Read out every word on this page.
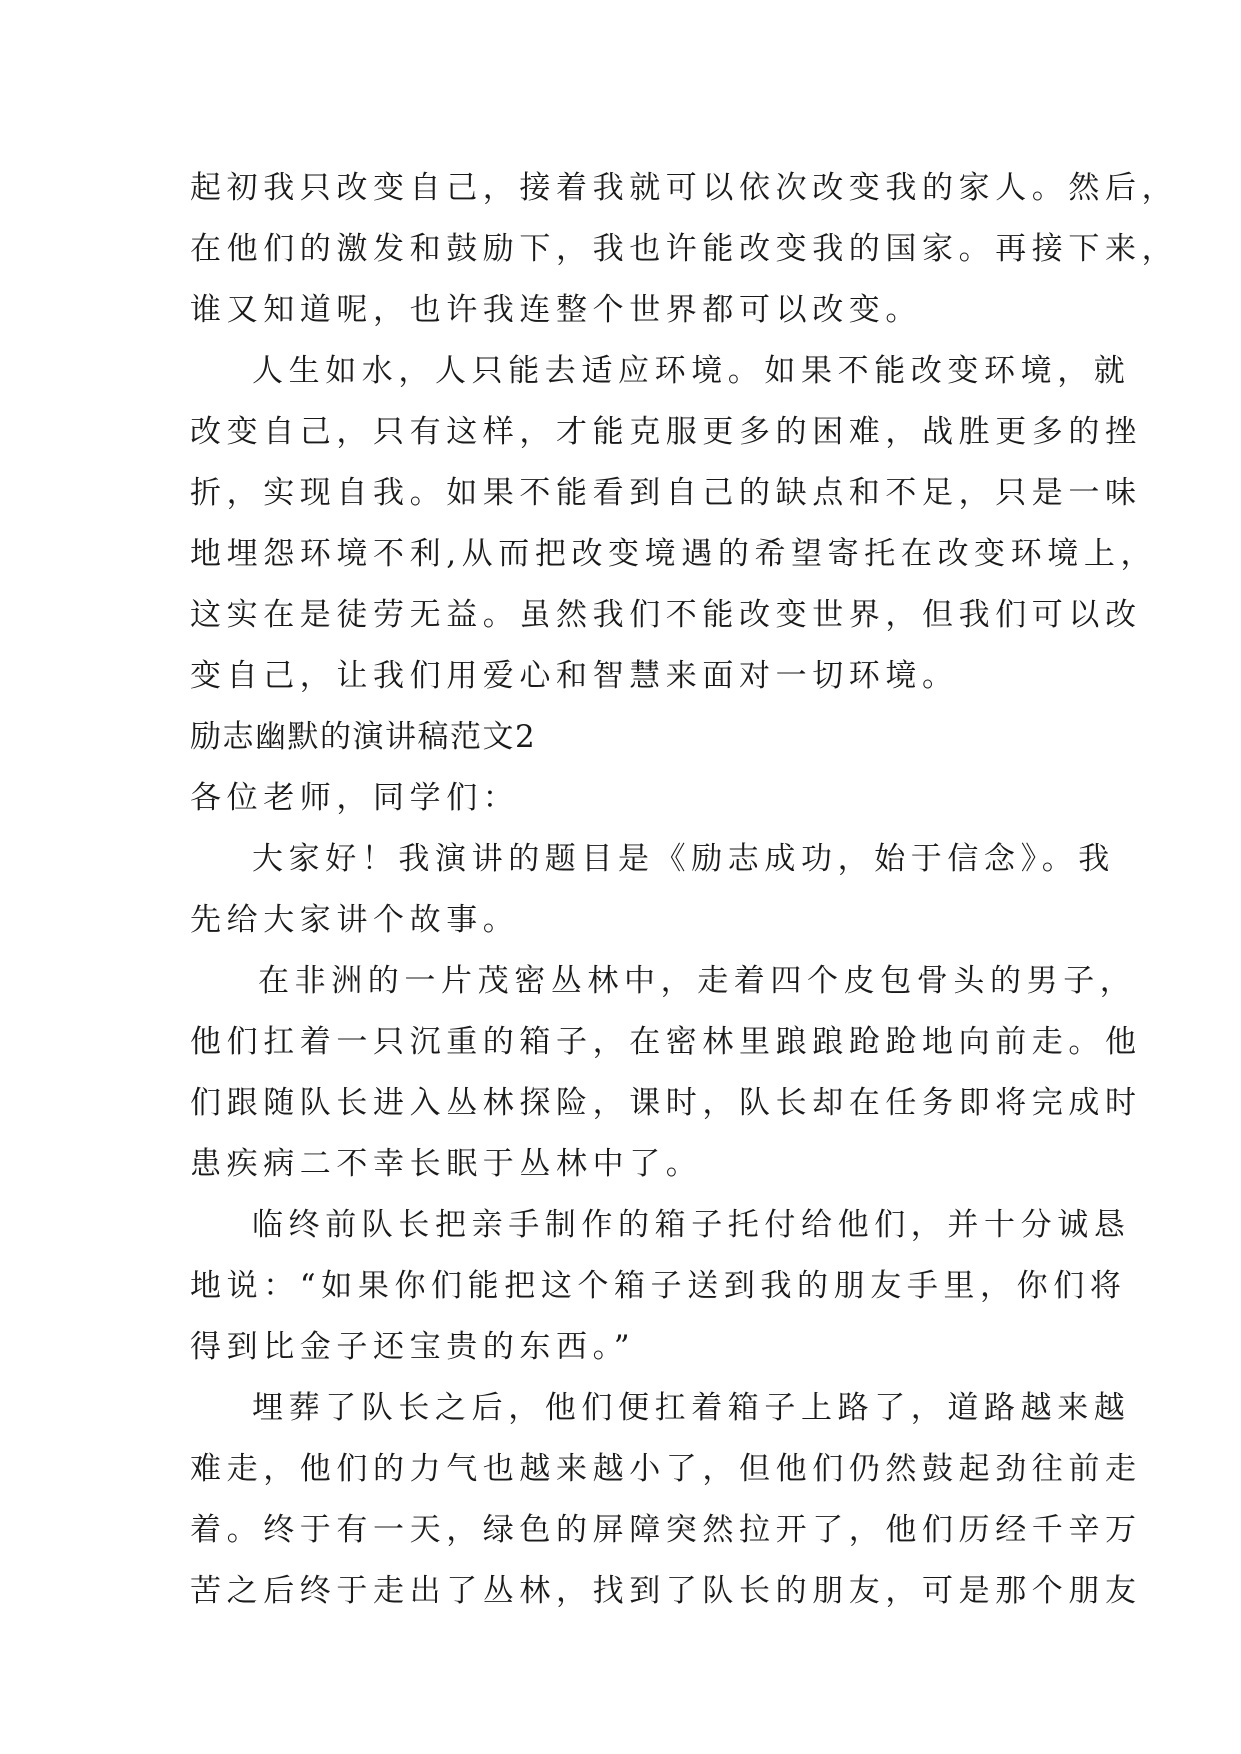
起初我只改变自己，接着我就可以依次改变我的家人。然后，
在他们的激发和鼓励下，我也许能改变我的国家。再接下来，
谁又知道呢，也许我连整个世界都可以改变。
人生如水，人只能去适应环境。如果不能改变环境，就
改变自己，只有这样，才能克服更多的困难，战胜更多的挫
折，实现自我。如果不能看到自己的缺点和不足，只是一味
地埋怨环境不利,从而把改变境遇的希望寄托在改变环境上，
这实在是徒劳无益。虽然我们不能改变世界，但我们可以改
变自己，让我们用爱心和智慧来面对一切环境。
励志幽默的演讲稿范文2
各位老师，同学们：
大家好！我演讲的题目是《励志成功，始于信念》。我
先给大家讲个故事。
在非洲的一片茂密丛林中，走着四个皮包骨头的男子，
他们扛着一只沉重的箱子，在密林里踉踉跄跄地向前走。他
们跟随队长进入丛林探险，课时，队长却在任务即将完成时
患疾病二不幸长眠于丛林中了。
临终前队长把亲手制作的箱子托付给他们，并十分诚恳
地说：“如果你们能把这个箱子送到我的朋友手里，你们将
得到比金子还宝贵的东西。”
埋葬了队长之后，他们便扛着箱子上路了，道路越来越
难走，他们的力气也越来越小了，但他们仍然鼓起劲往前走
着。终于有一天，绿色的屏障突然拉开了，他们历经千辛万
苦之后终于走出了丛林，找到了队长的朋友，可是那个朋友
